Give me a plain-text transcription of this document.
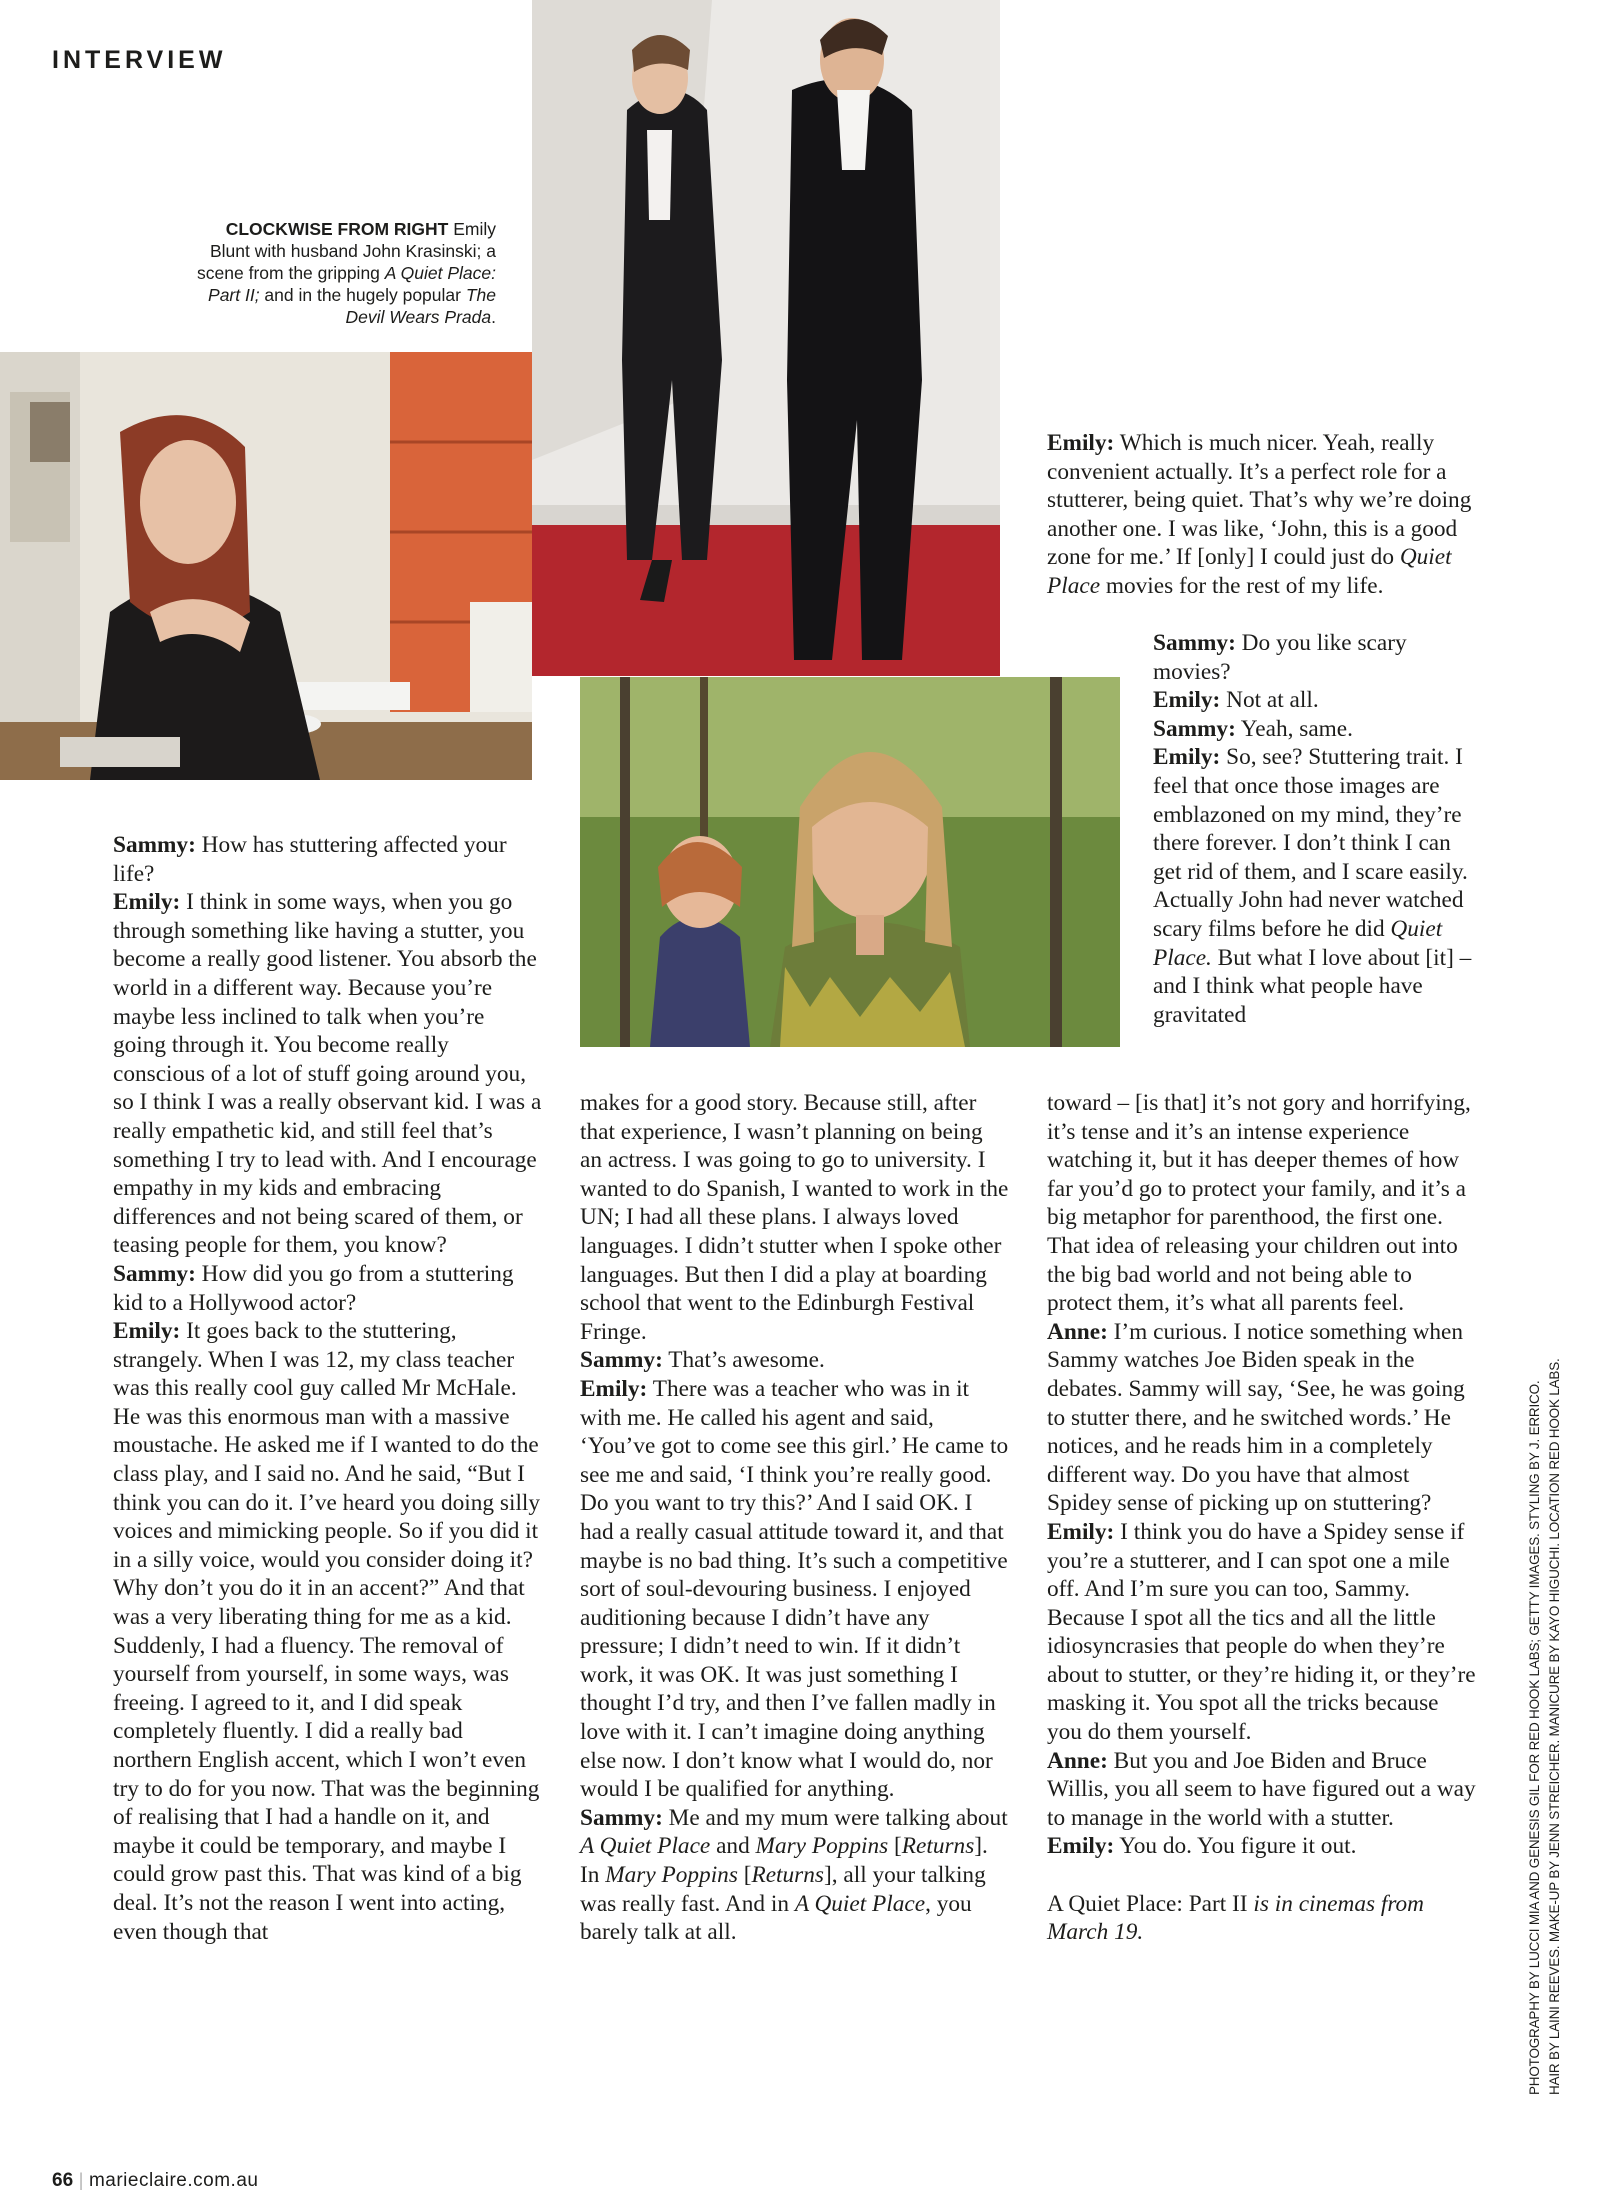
INTERVIEW
CLOCKWISE FROM RIGHT Emily Blunt with husband John Krasinski; a scene from the gripping A Quiet Place: Part II; and in the hugely popular The Devil Wears Prada.

Sammy: How has stuttering affected your life?

Emily: I think in some ways, when you go through something like having a stutter, you become a really good listener. You absorb the world in a different way. Because you’re maybe less inclined to talk when you’re going through it. You become really conscious of a lot of stuff going around you, so I think I was a really observant kid. I was a really empathetic kid, and still feel that’s something I try to lead with. And I encourage empathy in my kids and embracing differences and not being scared of them, or teasing people for them, you know?

Sammy: How did you go from a stuttering kid to a Hollywood actor?

Emily: It goes back to the stuttering, strangely. When I was 12, my class teacher was this really cool guy called Mr McHale. He was this enormous man with a massive moustache. He asked me if I wanted to do the class play, and I said no. And he said, “But I think you can do it. I’ve heard you doing silly voices and mimicking people. So if you did it in a silly voice, would you consider doing it? Why don’t you do it in an accent?” And that was a very liberating thing for me as a kid. Suddenly, I had a fluency. The removal of yourself from yourself, in some ways, was freeing. I agreed to it, and I did speak completely fluently. I did a really bad northern English accent, which I won’t even try to do for you now. That was the beginning of realising that I had a handle on it, and maybe it could be temporary, and maybe I could grow past this. That was kind of a big deal. It’s not the reason I went into acting, even though that

makes for a good story. Because still, after that experience, I wasn’t planning on being an actress. I was going to go to university. I wanted to do Spanish, I wanted to work in the UN; I had all these plans. I always loved languages. I didn’t stutter when I spoke other languages. But then I did a play at boarding school that went to the Edinburgh Festival Fringe.

Sammy: That’s awesome.

Emily: There was a teacher who was in it with me. He called his agent and said, ‘You’ve got to come see this girl.’ He came to see me and said, ‘I think you’re really good. Do you want to try this?’ And I said OK. I had a really casual attitude toward it, and that maybe is no bad thing. It’s such a competitive sort of soul-devouring business. I enjoyed auditioning because I didn’t have any pressure; I didn’t need to win. If it didn’t work, it was OK. It was just something I thought I’d try, and then I’ve fallen madly in love with it. I can’t imagine doing anything else now. I don’t know what I would do, nor would I be qualified for anything.

Sammy: Me and my mum were talking about A Quiet Place and Mary Poppins [Returns]. In Mary Poppins [Returns], all your talking was really fast. And in A Quiet Place, you barely talk at all.

Emily: Which is much nicer. Yeah, really convenient actually. It’s a perfect role for a stutterer, being quiet. That’s why we’re doing another one. I was like, ‘John, this is a good zone for me.’ If [only] I could just do Quiet Place movies for the rest of my life.

Sammy: Do you like scary movies?

Emily: Not at all.

Sammy: Yeah, same.

Emily: So, see? Stuttering trait. I feel that once those images are emblazoned on my mind, they’re there forever. I don’t think I can get rid of them, and I scare easily. Actually John had never watched scary films before he did Quiet Place. But what I love about [it] – and I think what people have gravitated

toward – [is that] it’s not gory and horrifying, it’s tense and it’s an intense experience watching it, but it has deeper themes of how far you’d go to protect your family, and it’s a big metaphor for parenthood, the first one. That idea of releasing your children out into the big bad world and not being able to protect them, it’s what all parents feel.

Anne: I’m curious. I notice something when Sammy watches Joe Biden speak in the debates. Sammy will say, ‘See, he was going to stutter there, and he switched words.’ He notices, and he reads him in a completely different way. Do you have that almost Spidey sense of picking up on stuttering?

Emily: I think you do have a Spidey sense if you’re a stutterer, and I can spot one a mile off. And I’m sure you can too, Sammy. Because I spot all the tics and all the little idiosyncrasies that people do when they’re about to stutter, or they’re hiding it, or they’re masking it. You spot all the tricks because you do them yourself.

Anne: But you and Joe Biden and Bruce Willis, you all seem to have figured out a way to manage in the world with a stutter.

Emily: You do. You figure it out.

A Quiet Place: Part II is in cinemas from March 19.	PHOTOGRAPHY BY LUCCI MIA AND GENESIS GIL FOR RED HOOK LABS; GETTY IMAGES. STYLING BY J. ERRICO. HAIR BY LAINI REEVES. MAKE-UP BY JENN STREICHER. MANICURE BY KAYO HIGUCHI. LOCATION RED HOOK LABS.
66 | marieclaire.com.au
